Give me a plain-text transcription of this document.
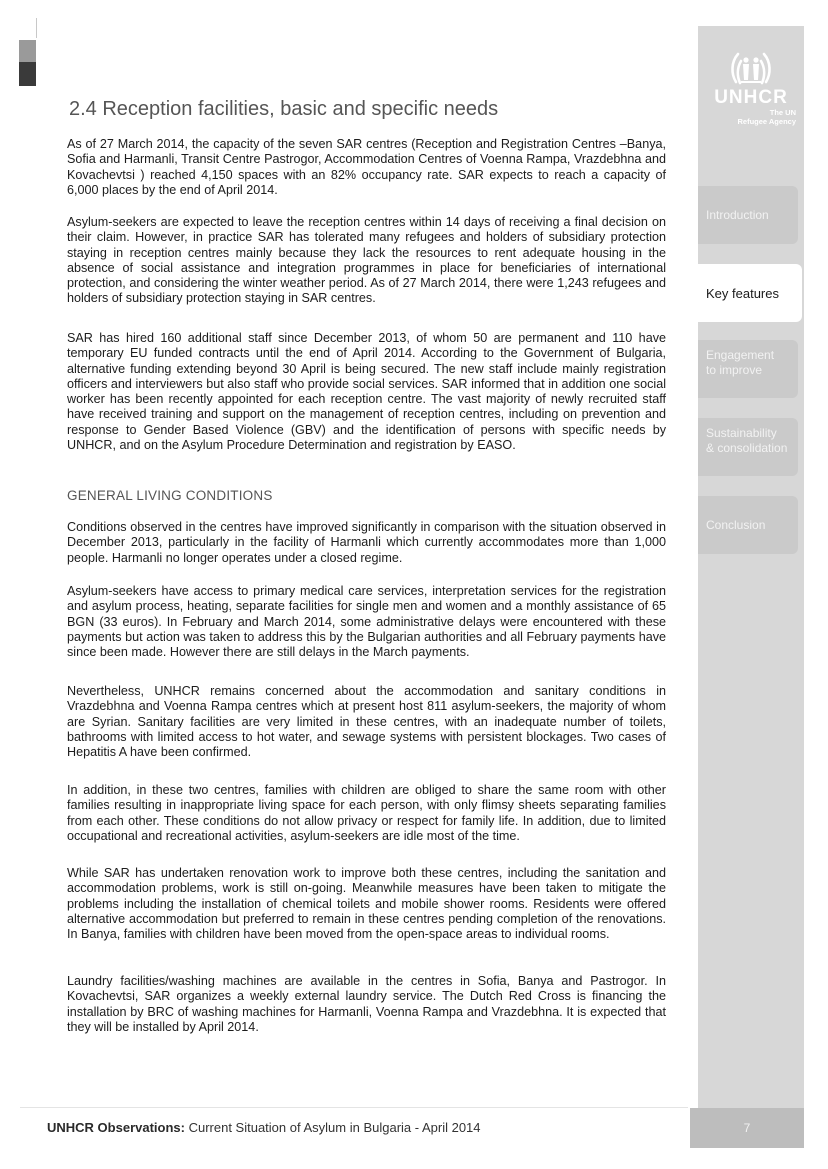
UNHCR
The UN
Refugee Agency
Introduction
Key features
Engagement
to improve
Sustainability
& consolidation
Conclusion
7
2.4 Reception facilities, basic and specific needs

As of 27 March 2014, the capacity of the seven SAR centres (Reception and Registration Centres –Banya, Sofia and Harmanli, Transit Centre Pastrogor, Accommodation Centres of Voenna Rampa, Vrazdebhna and Kovachevtsi ) reached 4,150 spaces with an 82% occupancy rate. SAR expects to reach a capacity of 6,000 places by the end of April 2014.

Asylum-seekers are expected to leave the reception centres within 14 days of receiving a final decision on their claim. However, in practice SAR has tolerated many refugees and holders of subsidiary protection staying in reception centres mainly because they lack the resources to rent adequate housing in the absence of social assistance and integration programmes in place for beneficiaries of international protection, and considering the winter weather period. As of 27 March 2014, there were 1,243 refugees and holders of subsidiary protection staying in SAR centres.

SAR has hired 160 additional staff since December 2013, of whom 50 are permanent and 110 have temporary EU funded contracts until the end of April 2014. According to the Government of Bulgaria, alternative funding extending beyond 30 April is being secured. The new staff include mainly registration officers and interviewers but also staff who provide social services. SAR informed that in addition one social worker has been recently appointed for each reception centre. The vast majority of newly recruited staff have received training and support on the management of reception centres, including on prevention and response to Gender Based Violence (GBV) and the identification of persons with specific needs by UNHCR, and on the Asylum Procedure Determination and registration by EASO.

GENERAL LIVING CONDITIONS

Conditions observed in the centres have improved significantly in comparison with the situation observed in December 2013, particularly in the facility of Harmanli which currently accommodates more than 1,000 people. Harmanli no longer operates under a closed regime.

Asylum-seekers have access to primary medical care services, interpretation services for the registration and asylum process, heating, separate facilities for single men and women and a monthly assistance of 65 BGN (33 euros). In February and March 2014, some administrative delays were encountered with these payments but action was taken to address this by the Bulgarian authorities and all February payments have since been made. However there are still delays in the March payments.

Nevertheless, UNHCR remains concerned about the accommodation and sanitary conditions in Vrazdebhna and Voenna Rampa centres which at present host 811 asylum-seekers, the majority of whom are Syrian. Sanitary facilities are very limited in these centres, with an inadequate number of toilets, bathrooms with limited access to hot water, and sewage systems with persistent blockages. Two cases of Hepatitis A have been confirmed.

In addition, in these two centres, families with children are obliged to share the same room with other families resulting in inappropriate living space for each person, with only flimsy sheets separating families from each other. These conditions do not allow privacy or respect for family life. In addition, due to limited occupational and recreational activities, asylum-seekers are idle most of the time.

While SAR has undertaken renovation work to improve both these centres, including the sanitation and accommodation problems, work is still on-going. Meanwhile measures have been taken to mitigate the problems including the installation of chemical toilets and mobile shower rooms. Residents were offered alternative accommodation but preferred to remain in these centres pending completion of the renovations. In Banya, families with children have been moved from the open-space areas to individual rooms.

Laundry facilities/washing machines are available in the centres in Sofia, Banya and Pastrogor. In Kovachevtsi, SAR organizes a weekly external laundry service. The Dutch Red Cross is financing the installation by BRC of washing machines for Harmanli, Voenna Rampa and Vrazdebhna. It is expected that they will be installed by April 2014.

UNHCR Observations: Current Situation of Asylum in Bulgaria - April 2014
